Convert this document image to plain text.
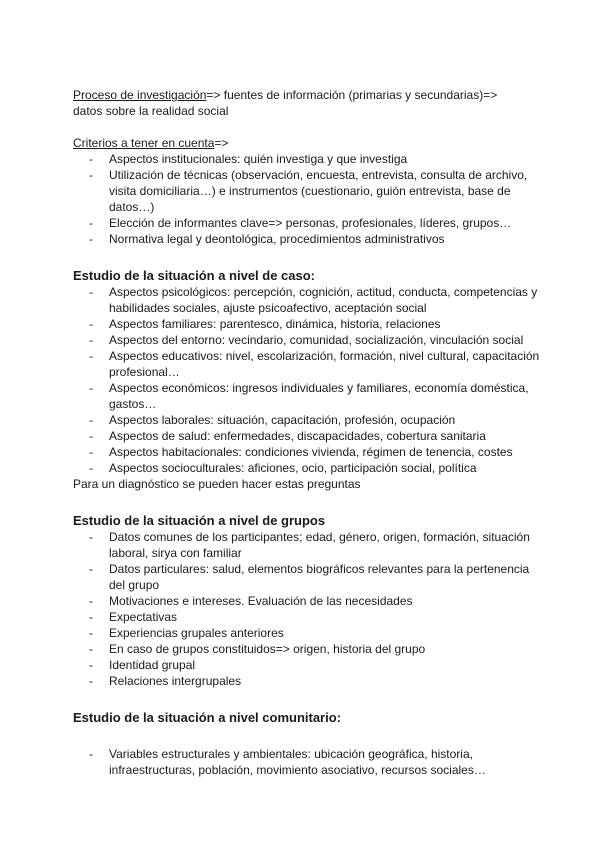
Proceso de investigación=> fuentes de información (primarias y secundarias)=>
datos sobre la realidad social

Criterios a tener en cuenta=>

- Aspectos institucionales: quién investiga y que investiga
- Utilización de técnicas (observación, encuesta, entrevista, consulta de archivo, visita domiciliaria…) e instrumentos (cuestionario, guión entrevista, base de datos…)
- Elección de informantes clave=> personas, profesionales, líderes, grupos…
- Normativa legal y deontológica, procedimientos administrativos
Estudio de la situación a nivel de caso:
- Aspectos psicológicos: percepción, cognición, actitud, conducta, competencias y habilidades sociales, ajuste psicoafectivo, aceptación social
- Aspectos familiares: parentesco, dinámica, historia, relaciones
- Aspectos del entorno: vecindario, comunidad, socialización, vinculación social
- Aspectos educativos: nivel, escolarización, formación, nivel cultural, capacitación profesional…
- Aspectos económicos: ingresos individuales y familiares, economía doméstica, gastos…
- Aspectos laborales: situación, capacitación, profesión, ocupación
- Aspectos de salud: enfermedades, discapacidades, cobertura sanitaria
- Aspectos habitacionales: condiciones vivienda, régimen de tenencia, costes
- Aspectos socioculturales: aficiones, ocio, participación social, política

Para un diagnóstico se pueden hacer estas preguntas

Estudio de la situación a nivel de grupos
- Datos comunes de los participantes; edad, género, origen, formación, situación laboral, sirya con familiar
- Datos particulares: salud, elementos biográficos relevantes para la pertenencia del grupo
- Motivaciones e intereses. Evaluación de las necesidades
- Expectativas
- Experiencias grupales anteriores
- En caso de grupos constituidos=> origen, historia del grupo
- Identidad grupal
- Relaciones intergrupales
Estudio de la situación a nivel comunitario:
- Variables estructurales y ambientales: ubicación geográfica, historia, infraestructuras, población, movimiento asociativo, recursos sociales…
